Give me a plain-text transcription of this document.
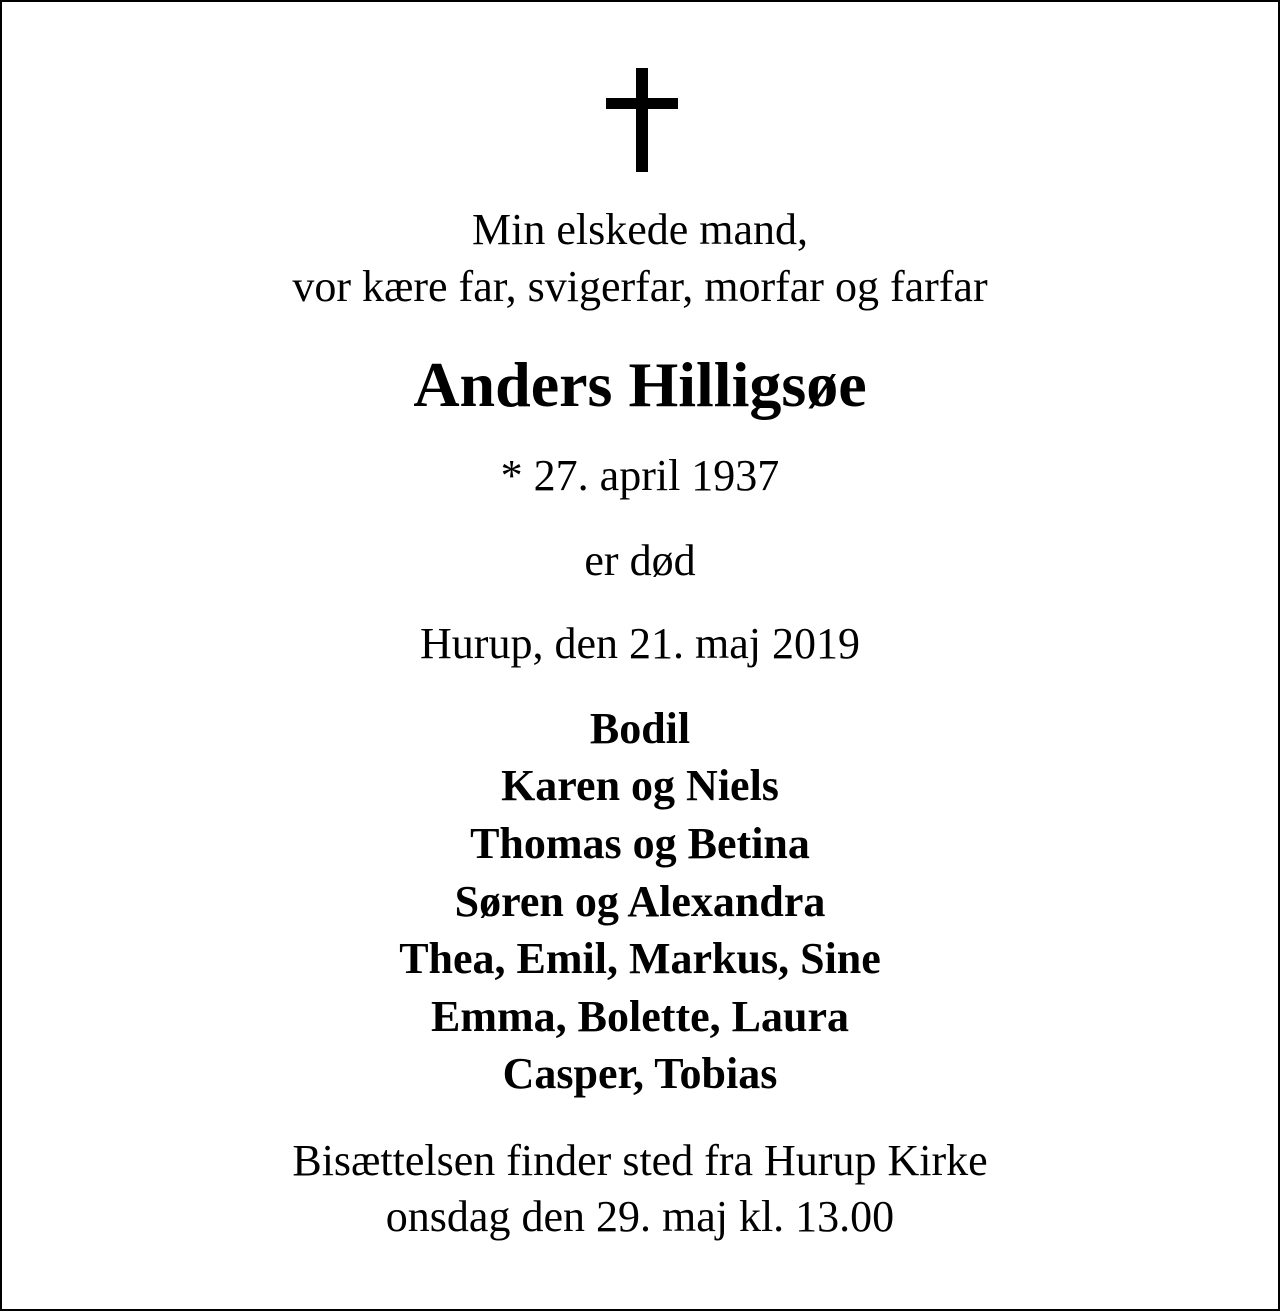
Min elskede mand,
vor kære far, svigerfar, morfar og farfar
Anders Hilligsøe
* 27. april 1937
er død
Hurup, den 21. maj 2019
Bodil
Karen og Niels
Thomas og Betina
Søren og Alexandra
Thea, Emil, Markus, Sine
Emma, Bolette, Laura
Casper, Tobias
Bisættelsen finder sted fra Hurup Kirke
onsdag den 29. maj kl. 13.00
